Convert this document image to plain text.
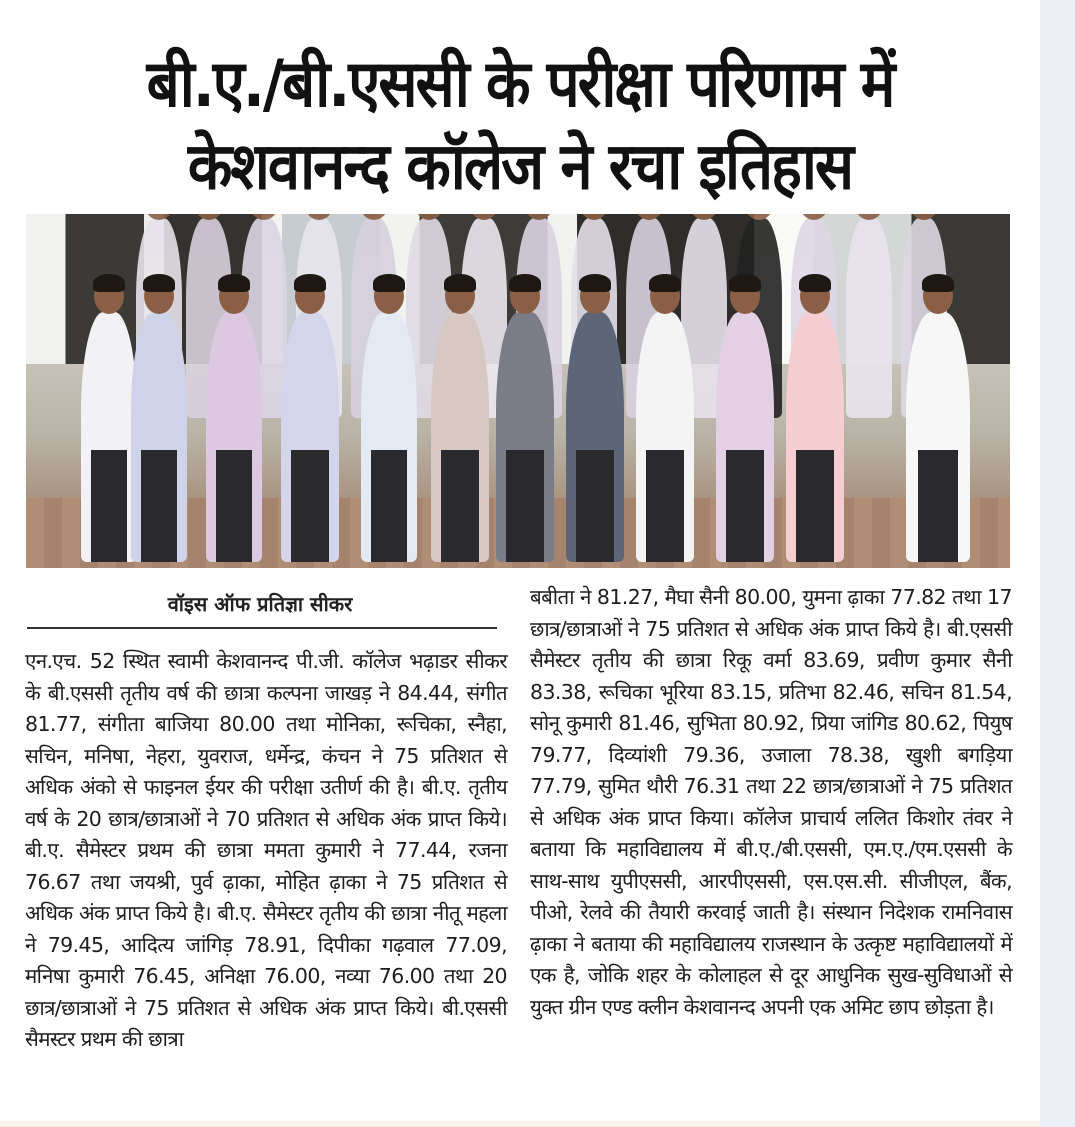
बी.ए./बी.एससी के परीक्षा परिणाम में
केशवानन्द कॉलेज ने रचा इतिहास
वॉइस ऑफ प्रतिज्ञा सीकर
एन.एच. 52 स्थित स्वामी केशवानन्द पी.जी. कॉलेज भढ़ाडर सीकर के बी.एससी तृतीय वर्ष की छात्रा कल्पना जाखड़ ने 84.44, संगीत 81.77, संगीता बाजिया 80.00 तथा मोनिका, रूचिका, स्नैहा, सचिन, मनिषा, नेहरा, युवराज, धर्मेन्द्र, कंचन ने 75 प्रतिशत से अधिक अंको से फाइनल ईयर की परीक्षा उतीर्ण की है। बी.ए. तृतीय वर्ष के 20 छात्र/छात्राओं ने 70 प्रतिशत से अधिक अंक प्राप्त किये। बी.ए. सैमेस्टर प्रथम की छात्रा ममता कुमारी ने 77.44, रजना 76.67 तथा जयश्री, पुर्व ढ़ाका, मोहित ढ़ाका ने 75 प्रतिशत से अधिक अंक प्राप्त किये है। बी.ए. सैमेस्टर तृतीय की छात्रा नीतू महला ने 79.45, आदित्य जांगिड़ 78.91, दिपीका गढ़वाल 77.09, मनिषा कुमारी 76.45, अनिक्षा 76.00, नव्या 76.00 तथा 20 छात्र/छात्राओं ने 75 प्रतिशत से अधिक अंक प्राप्त किये। बी.एससी सैमस्टर प्रथम की छात्रा
बबीता ने 81.27, मैघा सैनी 80.00, युमना ढ़ाका 77.82 तथा 17 छात्र/छात्राओं ने 75 प्रतिशत से अधिक अंक प्राप्त किये है। बी.एससी सैमेस्टर तृतीय की छात्रा रिकू वर्मा 83.69, प्रवीण कुमार सैनी 83.38, रूचिका भूरिया 83.15, प्रतिभा 82.46, सचिन 81.54, सोनू कुमारी 81.46, सुभिता 80.92, प्रिया जांगिड 80.62, पियुष 79.77, दिव्यांशी 79.36, उजाला 78.38, खुशी बगड़िया 77.79, सुमित थौरी 76.31 तथा 22 छात्र/छात्राओं ने 75 प्रतिशत से अधिक अंक प्राप्त किया। कॉलेज प्राचार्य ललित किशोर तंवर ने बताया कि महाविद्यालय में बी.ए./बी.एससी, एम.ए./एम.एससी के साथ-साथ युपीएससी, आरपीएससी, एस.एस.सी. सीजीएल, बैंक, पीओ, रेलवे की तैयारी करवाई जाती है। संस्थान निदेशक रामनिवास ढ़ाका ने बताया की महाविद्यालय राजस्थान के उत्कृष्ट महाविद्यालयों में एक है, जोकि शहर के कोलाहल से दूर आधुनिक सुख-सुविधाओं से युक्त ग्रीन एण्ड क्लीन केशवानन्द अपनी एक अमिट छाप छोड़ता है।
